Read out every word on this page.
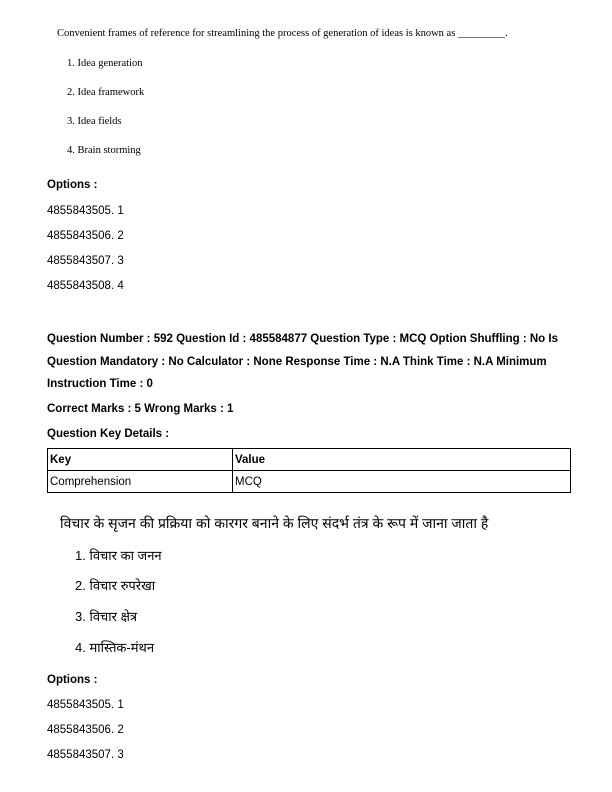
Convenient frames of reference for streamlining the process of generation of ideas is known as _________.
1. Idea generation
2. Idea framework
3. Idea fields
4. Brain storming
Options :
4855843505. 1
4855843506. 2
4855843507. 3
4855843508. 4
Question Number : 592 Question Id : 485584877 Question Type : MCQ Option Shuffling : No Is
Question Mandatory : No Calculator : None Response Time : N.A Think Time : N.A Minimum
Instruction Time : 0
Correct Marks : 5 Wrong Marks : 1
Question Key Details :
Key	Value
Comprehension	MCQ
विचार के सृजन की प्रक्रिया को कारगर बनाने के लिए संदर्भ तंत्र के रूप में जाना जाता है
1. विचार का जनन
2. विचार रुपरेखा
3. विचार क्षेत्र
4. मास्तिक-मंथन
Options :
4855843505. 1
4855843506. 2
4855843507. 3
